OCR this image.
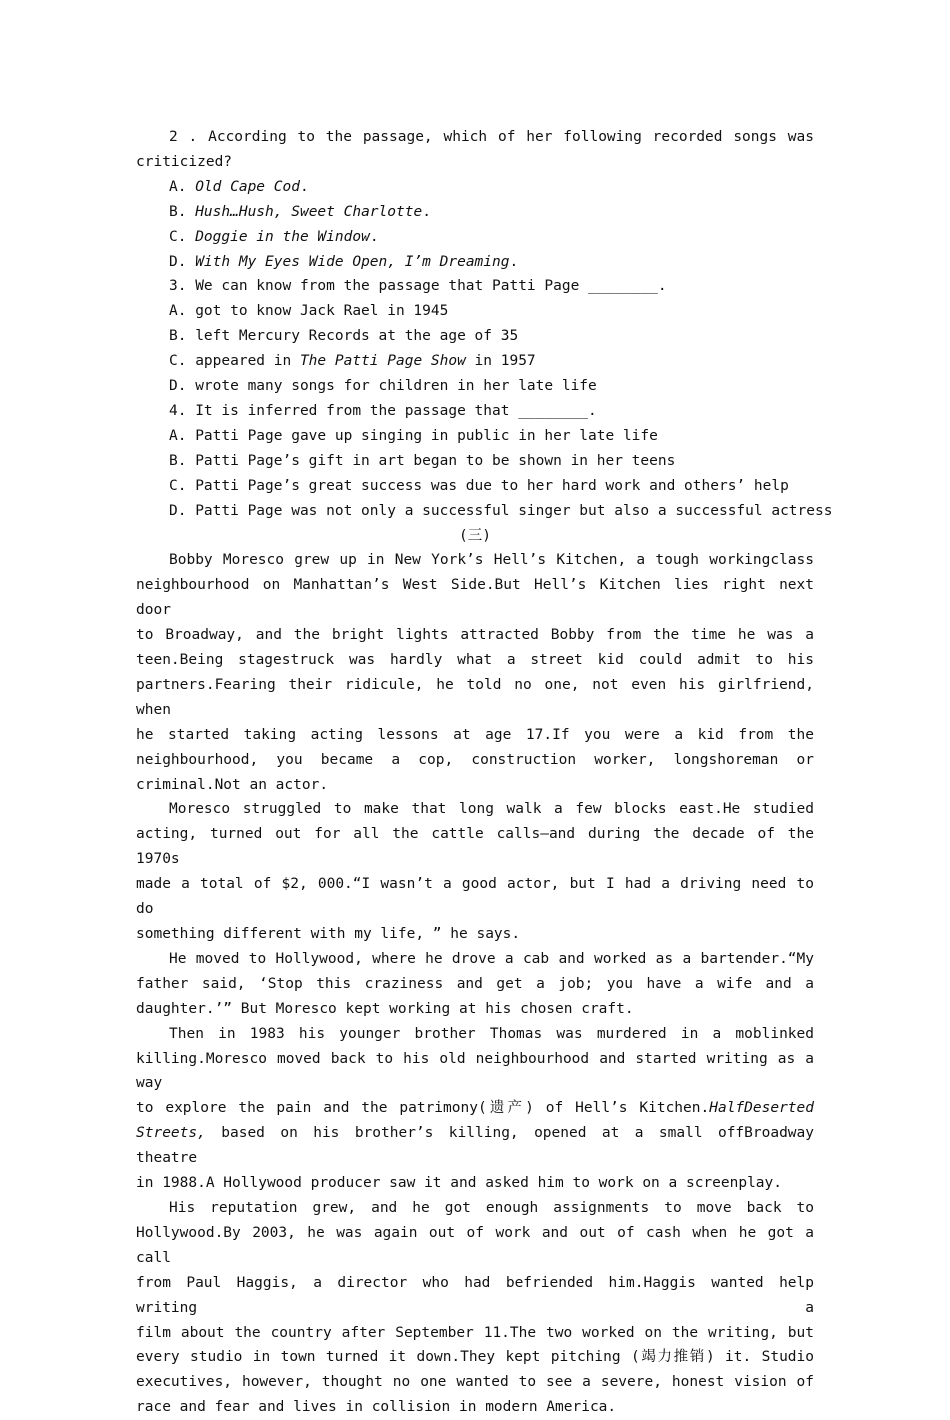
2 . According to the passage, which of her following recorded songs was
criticized?
A. Old Cape Cod.
B. Hush…Hush, Sweet Charlotte.
C. Doggie in the Window.
D. With My Eyes Wide Open, I’m Dreaming.
3. We can know from the passage that Patti Page ________.
A. got to know Jack Rael in 1945
B. left Mercury Records at the age of 35
C. appeared in The Patti Page Show in 1957
D. wrote many songs for children in her late life
4. It is inferred from the passage that ________.
A. Patti Page gave up singing in public in her late life
B. Patti Page’s gift in art began to be shown in her teens
C. Patti Page’s great success was due to her hard work and others’ help
D. Patti Page was not only a successful singer but also a successful actress
(三)
Bobby Moresco grew up in New York’s Hell’s Kitchen, a tough workingclass
neighbourhood on Manhattan’s West Side.But Hell’s Kitchen lies right next door
to Broadway, and the bright lights attracted Bobby from the time he was a
teen.Being stagestruck was hardly what a street kid could admit to his
partners.Fearing their ridicule, he told no one, not even his girlfriend, when
he started taking acting lessons at age 17.If you were a kid from the
neighbourhood, you became a cop, construction worker, longshoreman or
criminal.Not an actor.
Moresco struggled to make that long walk a few blocks east.He studied
acting, turned out for all the cattle calls—and during the decade of the 1970s
made a total of $2, 000.“I wasn’t a good actor, but I had a driving need to do
something different with my life, ” he says.
He moved to Hollywood, where he drove a cab and worked as a bartender.“My
father said, ‘Stop this craziness and get a job; you have a wife and a
daughter.’” But Moresco kept working at his chosen craft.
Then in 1983 his younger brother Thomas was murdered in a moblinked
killing.Moresco moved back to his old neighbourhood and started writing as a way
to explore the pain and the patrimony(遗产) of Hell’s Kitchen.HalfDeserted
Streets, based on his brother’s killing, opened at a small offBroadway theatre
in 1988.A Hollywood producer saw it and asked him to work on a screenplay.
His reputation grew, and he got enough assignments to move back to
Hollywood.By 2003, he was again out of work and out of cash when he got a call
from Paul Haggis, a director who had befriended him.Haggis wanted help writing a
film about the country after September 11.The two worked on the writing, but
every studio in town turned it down.They kept pitching (竭力推销) it. Studio
executives, however, thought no one wanted to see a severe, honest vision of
race and fear and lives in collision in modern America.
